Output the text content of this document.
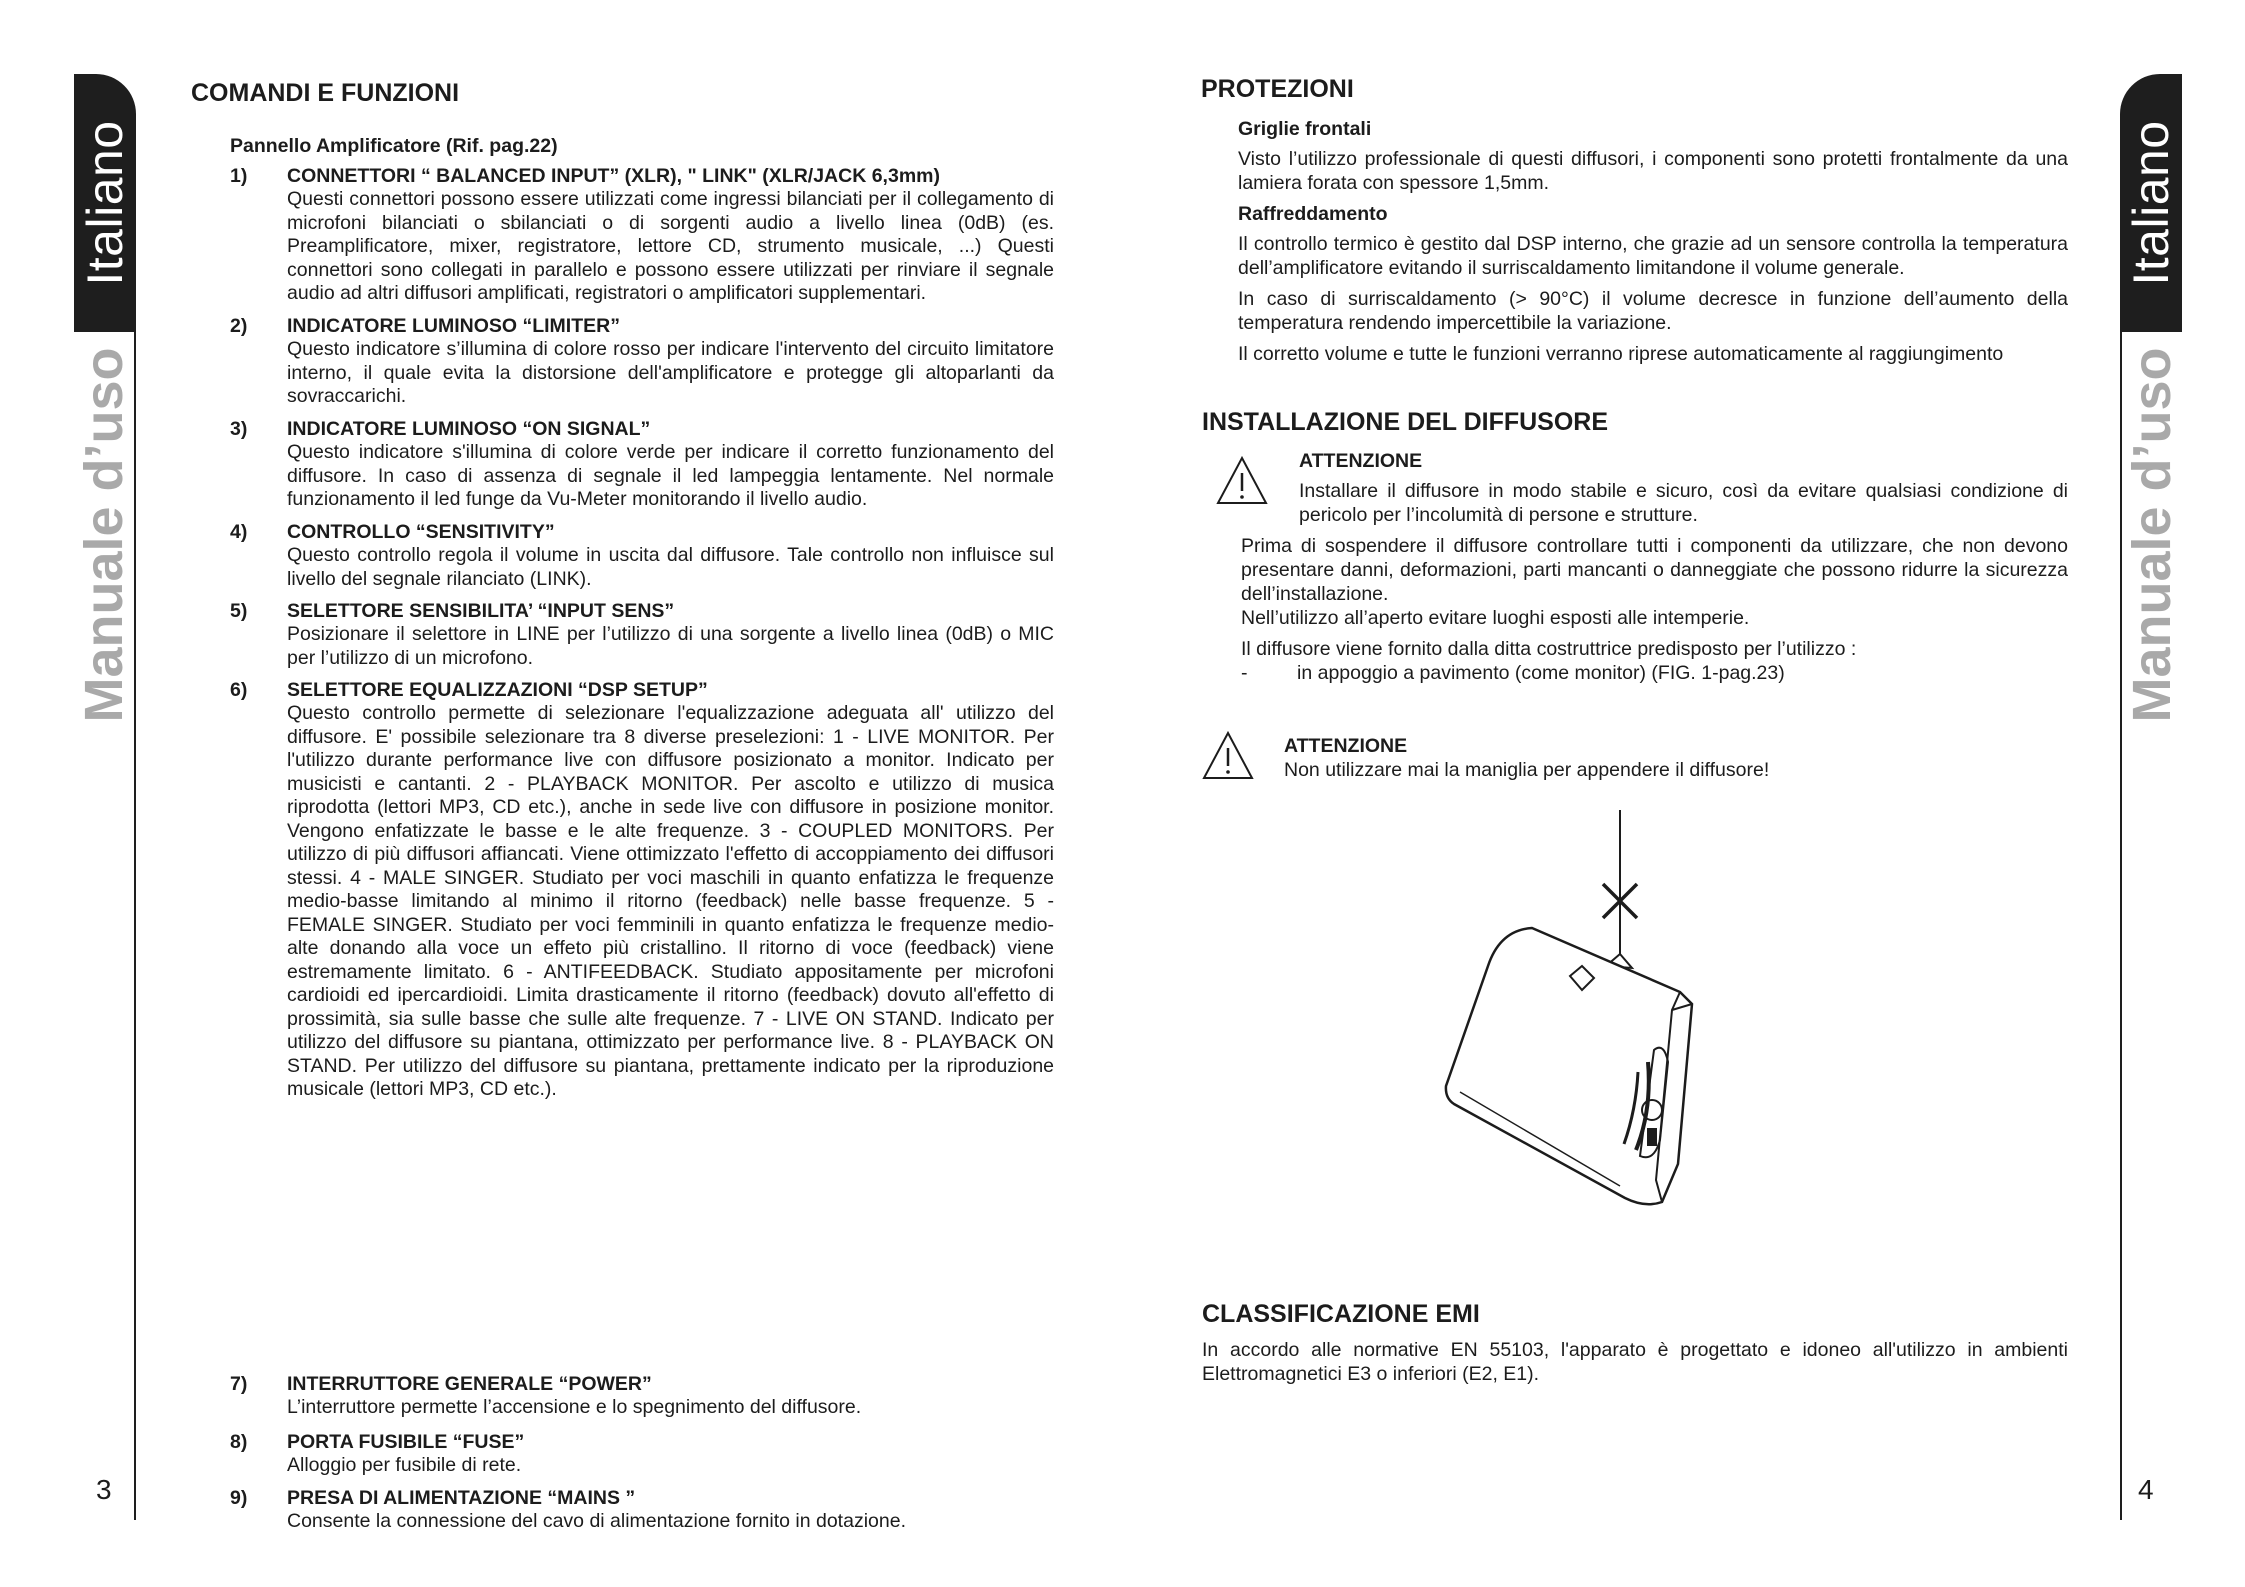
Italiano
Manuale d’uso
3
Italiano
Manuale d’uso
4
COMANDI E FUNZIONI
Pannello Amplificatore (Rif. pag.22)
1) CONNETTORI “ BALANCED INPUT” (XLR), " LINK" (XLR/JACK 6,3mm)
Questi connettori possono essere utilizzati come ingressi bilanciati per il collegamento di microfoni bilanciati o sbilanciati o di sorgenti audio a livello linea (0dB) (es. Preamplificatore, mixer, registratore, lettore CD, strumento musicale, ...) Questi connettori sono collegati in parallelo e possono essere utilizzati per rinviare il segnale audio ad altri diffusori amplificati, registratori o amplificatori supplementari.
2) INDICATORE LUMINOSO “LIMITER”
Questo indicatore s’illumina di colore rosso per indicare l'intervento del circuito limitatore interno, il quale evita la distorsione dell'amplificatore e protegge gli altoparlanti da sovraccarichi.
3) INDICATORE LUMINOSO “ON SIGNAL”
Questo indicatore s'illumina di colore verde per indicare il corretto funzionamento del diffusore. In caso di assenza di segnale il led lampeggia lentamente. Nel normale funzionamento il led funge da Vu-Meter monitorando il livello audio.
4) CONTROLLO “SENSITIVITY”
Questo controllo regola il volume in uscita dal diffusore. Tale controllo non influisce sul livello del segnale rilanciato (LINK).
5) SELETTORE SENSIBILITA’ “INPUT SENS”
Posizionare il selettore in LINE per l’utilizzo di una sorgente a livello linea (0dB) o MIC per l’utilizzo di un microfono.
6) SELETTORE EQUALIZZAZIONI “DSP SETUP”
Questo controllo permette di selezionare l'equalizzazione adeguata all' utilizzo del diffusore. E' possibile selezionare tra 8 diverse preselezioni: 1 - LIVE MONITOR. Per l'utilizzo durante performance live con diffusore posizionato a monitor. Indicato per musicisti e cantanti. 2 - PLAYBACK MONITOR. Per ascolto e utilizzo di musica riprodotta (lettori MP3, CD etc.), anche in sede live con diffusore in posizione monitor. Vengono enfatizzate le basse e le alte frequenze. 3 - COUPLED MONITORS. Per utilizzo di più diffusori affiancati. Viene ottimizzato l'effetto di accoppiamento dei diffusori stessi. 4 - MALE SINGER. Studiato per voci maschili in quanto enfatizza le frequenze medio-basse limitando al minimo il ritorno (feedback) nelle basse frequenze. 5 - FEMALE SINGER. Studiato per voci femminili in quanto enfatizza le frequenze medio-alte donando alla voce un effeto più cristallino. Il ritorno di voce (feedback) viene estremamente limitato. 6 - ANTIFEEDBACK. Studiato appositamente per microfoni cardioidi ed ipercardioidi. Limita drasticamente il ritorno (feedback) dovuto all'effetto di prossimità, sia sulle basse che sulle alte frequenze. 7 - LIVE ON STAND. Indicato per utilizzo del diffusore su piantana, ottimizzato per performance live. 8 - PLAYBACK ON STAND. Per utilizzo del diffusore su piantana, prettamente indicato per la riproduzione musicale (lettori MP3, CD etc.).
7) INTERRUTTORE GENERALE “POWER”
L’interruttore permette l’accensione e lo spegnimento del diffusore.
8) PORTA FUSIBILE “FUSE”
Alloggio per fusibile di rete.
9) PRESA DI ALIMENTAZIONE “MAINS ”
Consente la connessione del cavo di alimentazione fornito in dotazione.
PROTEZIONI
Griglie frontali
Visto l’utilizzo professionale di questi diffusori, i componenti sono protetti frontalmente da una lamiera forata con spessore 1,5mm.
Raffreddamento
Il controllo termico è gestito dal DSP interno, che grazie ad un sensore controlla la temperatura dell’amplificatore evitando il surriscaldamento limitandone il volume generale.
In caso di surriscaldamento (> 90°C) il volume decresce in funzione dell’aumento della temperatura rendendo impercettibile la variazione.
Il corretto volume e tutte le funzioni verranno riprese automaticamente al raggiungimento
INSTALLAZIONE DEL DIFFUSORE
ATTENZIONE
Installare il diffusore in modo stabile e sicuro, così da evitare qualsiasi condizione di pericolo per l’incolumità di persone e strutture.
Prima di sospendere il diffusore controllare tutti i componenti da utilizzare, che non devono presentare danni, deformazioni, parti mancanti o danneggiate che possono ridurre la sicurezza dell’installazione.
Nell’utilizzo all’aperto evitare luoghi esposti alle intemperie.
Il diffusore viene fornito dalla ditta costruttrice predisposto per l’utilizzo :
-	in appoggio a pavimento (come monitor) (FIG. 1-pag.23)
ATTENZIONE
Non utilizzare mai la maniglia per appendere il diffusore!
CLASSIFICAZIONE EMI
In accordo alle normative EN 55103, l'apparato è progettato e idoneo all'utilizzo in ambienti Elettromagnetici E3 o inferiori (E2, E1).
